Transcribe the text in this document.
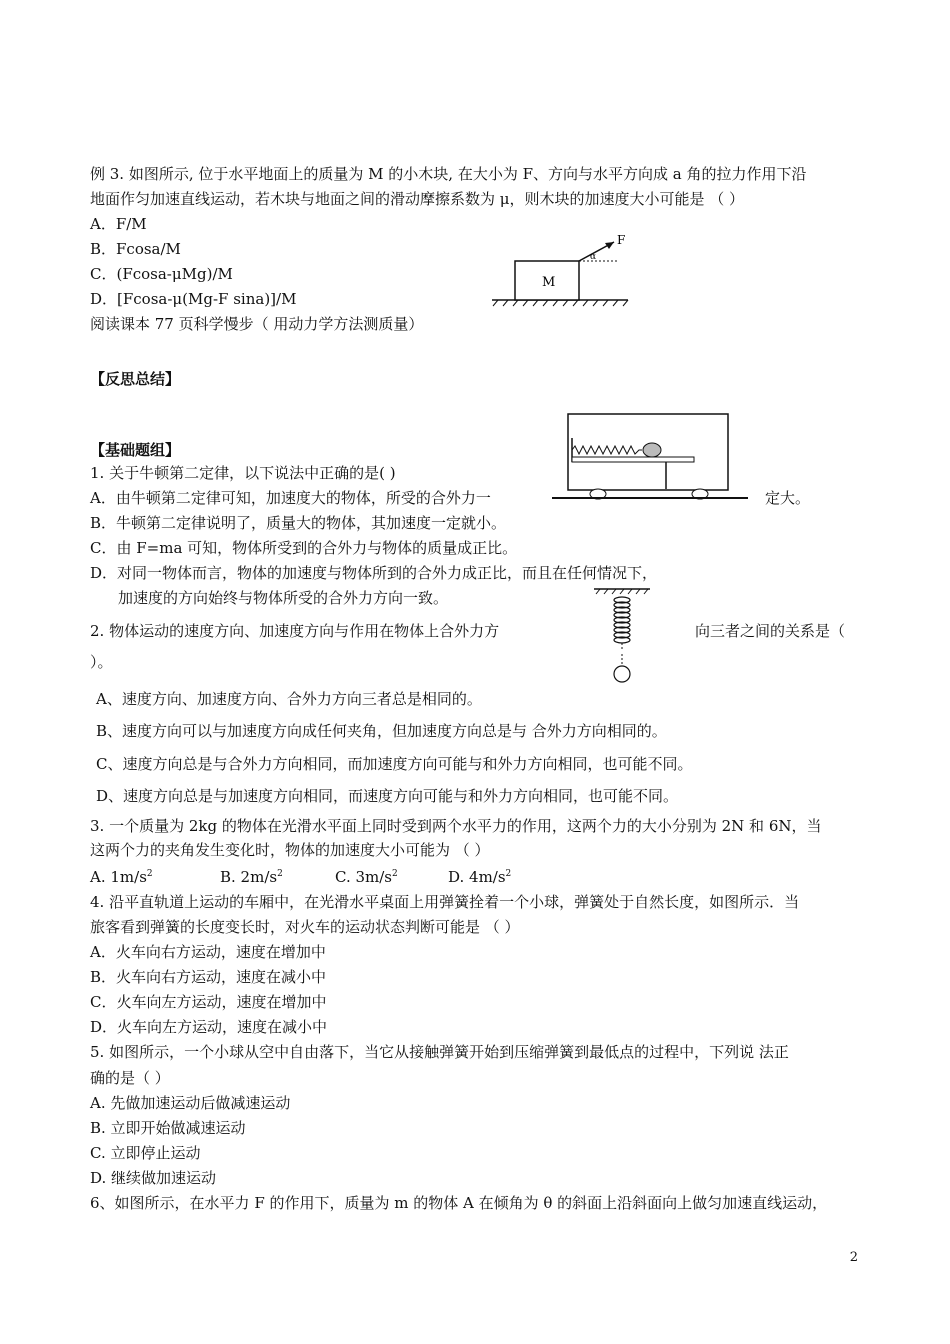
例 3. 如图所示, 位于水平地面上的质量为 M 的小木块, 在大小为 F、方向与水平方向成 a 角的拉力作用下沿
地面作匀加速直线运动，若木块与地面之间的滑动摩擦系数为 μ，则木块的加速度大小可能是 （ ）
A．F/M
B．Fcosa/M
C．(Fcosa-μMg)/M
D．[Fcosa-μ(Mg-F sina)]/M
阅读课本 77 页科学慢步（ 用动力学方法测质量）
M
F
α
【反思总结】
【基础题组】
1. 关于牛顿第二定律，以下说法中正确的是( )
A．由牛顿第二定律可知，加速度大的物体，所受的合外力一	定大。
B．牛顿第二定律说明了，质量大的物体，其加速度一定就小。
C．由 F=ma 可知，物体所受到的合外力与物体的质量成正比。
D．对同一物体而言，物体的加速度与物体所到的合外力成正比，而且在任何情况下，
加速度的方向始终与物体所受的合外力方向一致。
2. 物体运动的速度方向、加速度方向与作用在物体上合外力方	向三者之间的关系是（
）。
A、速度方向、加速度方向、合外力方向三者总是相同的。
B、速度方向可以与加速度方向成任何夹角，但加速度方向总是与 合外力方向相同的。
C、速度方向总是与合外力方向相同，而加速度方向可能与和外力方向相同，也可能不同。
D、速度方向总是与加速度方向相同，而速度方向可能与和外力方向相同，也可能不同。
3. 一个质量为 2kg 的物体在光滑水平面上同时受到两个水平力的作用，这两个力的大小分别为 2N 和 6N，当
这两个力的夹角发生变化时，物体的加速度大小可能为 （ ）
A. $1m/s^2$	B. $2m/s^2$	C. $3m/s^2$	D. $4m/s^2$
4. 沿平直轨道上运动的车厢中，在光滑水平桌面上用弹簧拴着一个小球，弹簧处于自然长度，如图所示．当
旅客看到弹簧的长度变长时，对火车的运动状态判断可能是 （ ）
A．火车向右方运动，速度在增加中
B．火车向右方运动，速度在减小中
C．火车向左方运动，速度在增加中
D．火车向左方运动，速度在减小中
5. 如图所示，一个小球从空中自由落下，当它从接触弹簧开始到压缩弹簧到最低点的过程中，下列说 法正
确的是（ ）
A. 先做加速运动后做减速运动
B. 立即开始做减速运动
C. 立即停止运动
D. 继续做加速运动
6、如图所示，在水平力 F 的作用下，质量为 m 的物体 A 在倾角为 θ 的斜面上沿斜面向上做匀加速直线运动，
2
